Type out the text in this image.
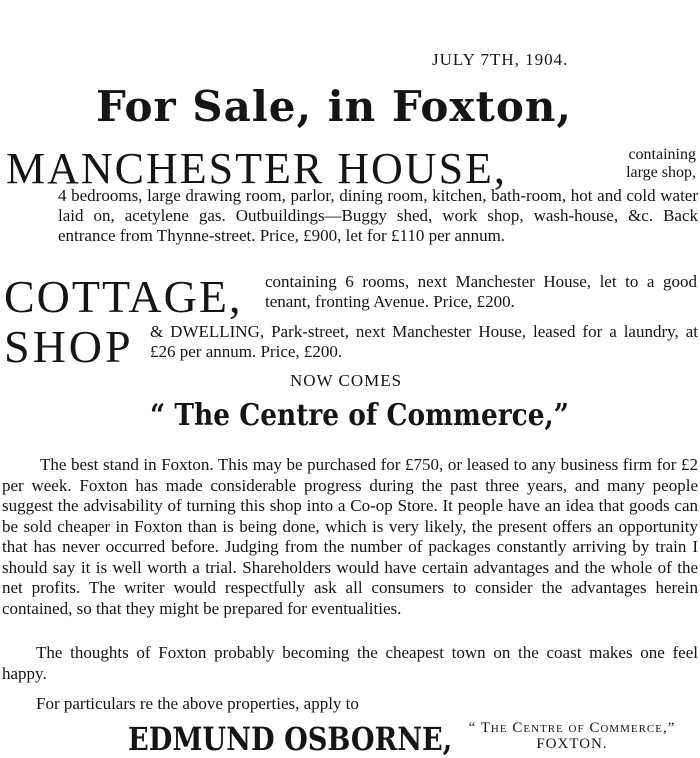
JULY 7TH, 1904.
For Sale, in Foxton,
MANCHESTER HOUSE,	containing
large shop,
4 bedrooms, large drawing room, parlor, dining room, kitchen, bath-room, hot and cold water laid on, acetylene gas. Outbuildings—Buggy shed, work shop, wash-house, &c. Back entrance from Thynne-street. Price, £900, let for £110 per annum.
COTTAGE, containing 6 rooms, next Manchester House, let to a good tenant, fronting Avenue. Price, £200.
SHOP & DWELLING, Park-street, next Manchester House, leased for a laundry, at £26 per annum. Price, £200.
NOW COMES
“ The Centre of Commerce,”
The best stand in Foxton. This may be purchased for £750, or leased to any business firm for £2 per week. Foxton has made considerable progress during the past three years, and many people suggest the advisability of turning this shop into a Co-op Store. It people have an idea that goods can be sold cheaper in Foxton than is being done, which is very likely, the present offers an opportunity that has never occurred before. Judging from the number of packages constantly arriving by train I should say it is well worth a trial. Shareholders would have certain advantages and the whole of the net profits. The writer would respectfully ask all consumers to consider the advantages herein contained, so that they might be prepared for eventualities.
The thoughts of Foxton probably becoming the cheapest town on the coast makes one feel happy.
For particulars re the above properties, apply to
EDMUND OSBORNE,	“ The Centre of Commerce,”
FOXTON.
